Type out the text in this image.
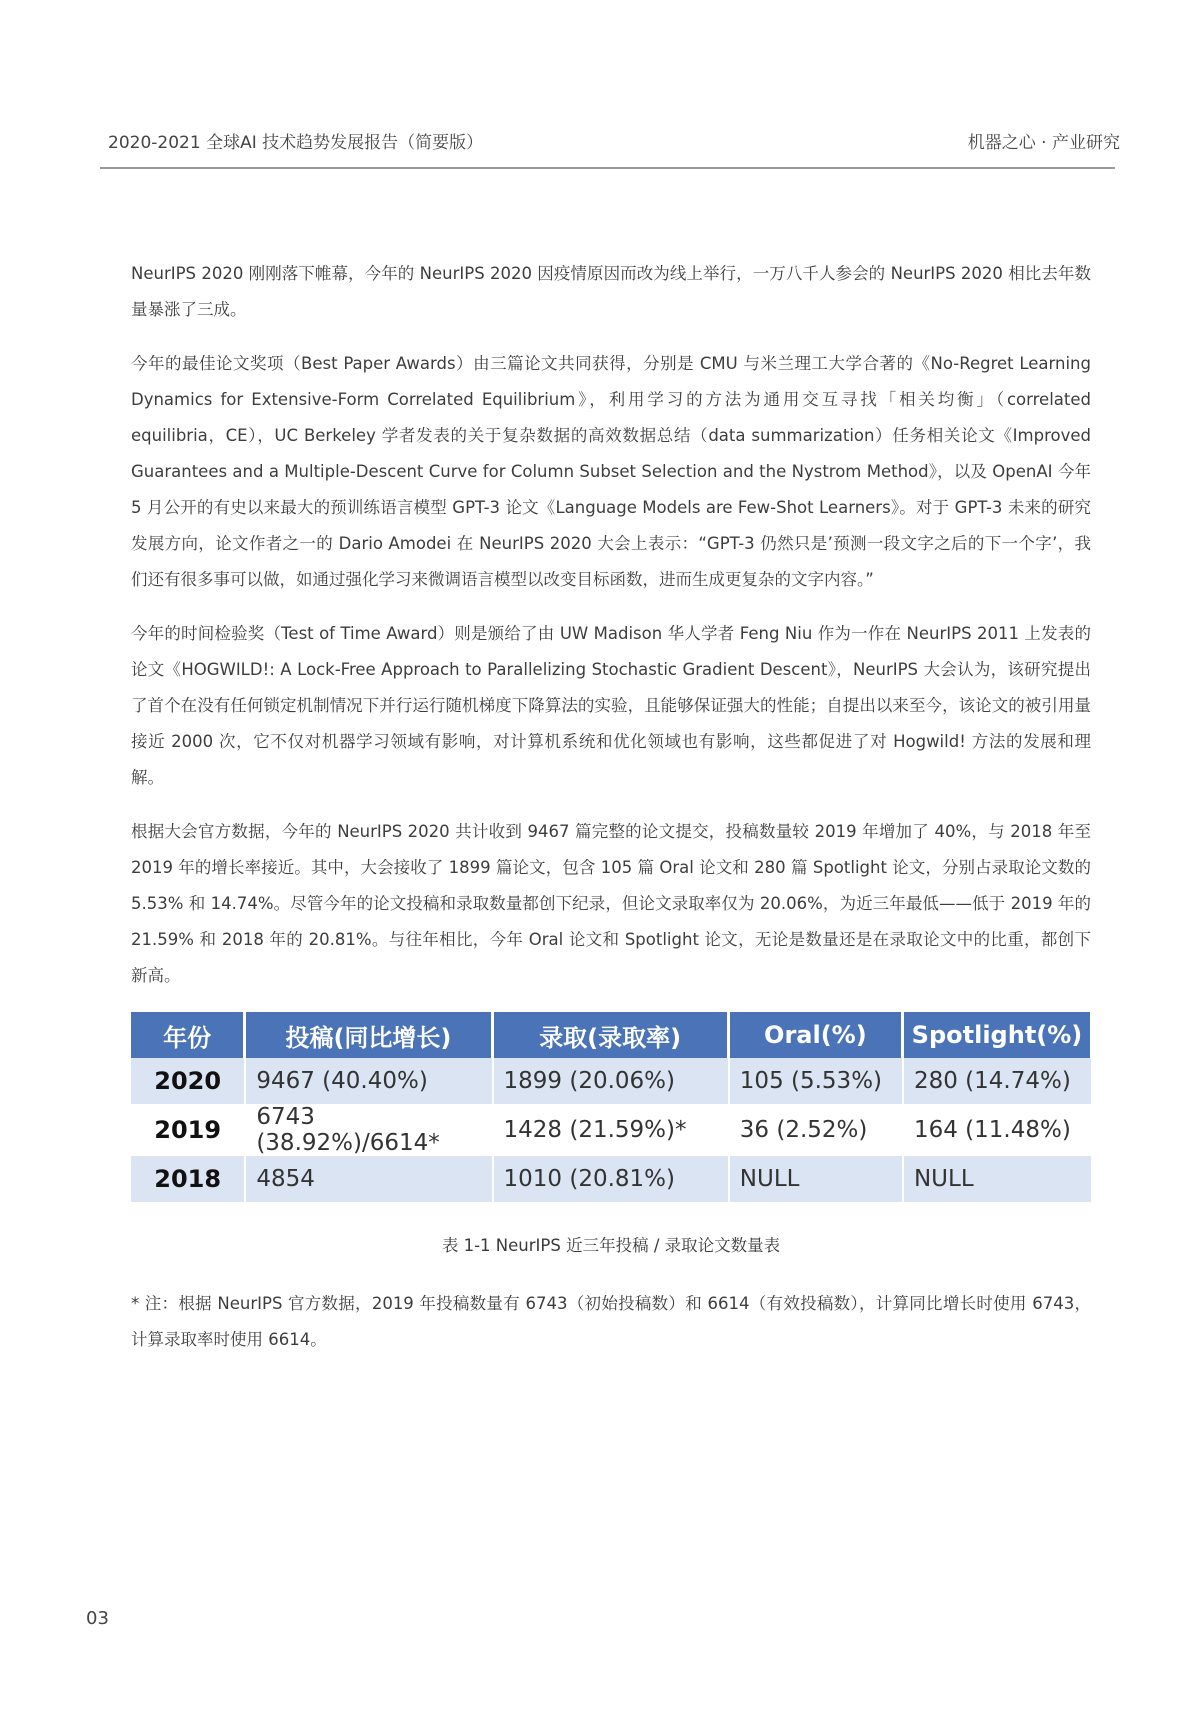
2020-2021 全球AI 技术趋势发展报告（简要版）	机器之心 · 产业研究

NeurIPS 2020 刚刚落下帷幕，今年的 NeurIPS 2020 因疫情原因而改为线上举行，一万八千人参会的 NeurIPS 2020 相比去年数量暴涨了三成。

今年的最佳论文奖项（Best Paper Awards）由三篇论文共同获得，分别是 CMU 与米兰理工大学合著的《No-Regret Learning Dynamics for Extensive-Form Correlated Equilibrium》，利用学习的方法为通用交互寻找「相关均衡」（correlated equilibria，CE），UC Berkeley 学者发表的关于复杂数据的高效数据总结（data summarization）任务相关论文《Improved Guarantees and a Multiple-Descent Curve for Column Subset Selection and the Nystrom Method》，以及 OpenAI 今年 5 月公开的有史以来最大的预训练语言模型 GPT-3 论文《Language Models are Few-Shot Learners》。对于 GPT-3 未来的研究发展方向，论文作者之一的 Dario Amodei 在 NeurIPS 2020 大会上表示：“GPT-3 仍然只是’预测一段文字之后的下一个字’，我们还有很多事可以做，如通过强化学习来微调语言模型以改变目标函数，进而生成更复杂的文字内容。”

今年的时间检验奖（Test of Time Award）则是颁给了由 UW Madison 华人学者 Feng Niu 作为一作在 NeurIPS 2011 上发表的论文《HOGWILD!: A Lock-Free Approach to Parallelizing Stochastic Gradient Descent》，NeurIPS 大会认为，该研究提出了首个在没有任何锁定机制情况下并行运行随机梯度下降算法的实验，且能够保证强大的性能；自提出以来至今，该论文的被引用量接近 2000 次，它不仅对机器学习领域有影响，对计算机系统和优化领域也有影响，这些都促进了对 Hogwild! 方法的发展和理解。

根据大会官方数据，今年的 NeurIPS 2020 共计收到 9467 篇完整的论文提交，投稿数量较 2019 年增加了 40%，与 2018 年至 2019 年的增长率接近。其中，大会接收了 1899 篇论文，包含 105 篇 Oral 论文和 280 篇 Spotlight 论文，分别占录取论文数的5.53% 和 14.74%。尽管今年的论文投稿和录取数量都创下纪录，但论文录取率仅为 20.06%，为近三年最低——低于 2019 年的 21.59% 和 2018 年的 20.81%。与往年相比，今年 Oral 论文和 Spotlight 论文，无论是数量还是在录取论文中的比重，都创下新高。

年份	投稿(同比增长)	录取(录取率)	Oral(%)	Spotlight(%)
2020	9467 (40.40%)	1899 (20.06%)	105 (5.53%)	280 (14.74%)
2019	6743 (38.92%)/6614*	1428 (21.59%)*	36 (2.52%)	164 (11.48%)
2018	4854	1010 (20.81%)	NULL	NULL
表 1-1 NeurIPS 近三年投稿 / 录取论文数量表
* 注：根据 NeurIPS 官方数据，2019 年投稿数量有 6743（初始投稿数）和 6614（有效投稿数），计算同比增长时使用 6743，计算录取率时使用 6614。
03
